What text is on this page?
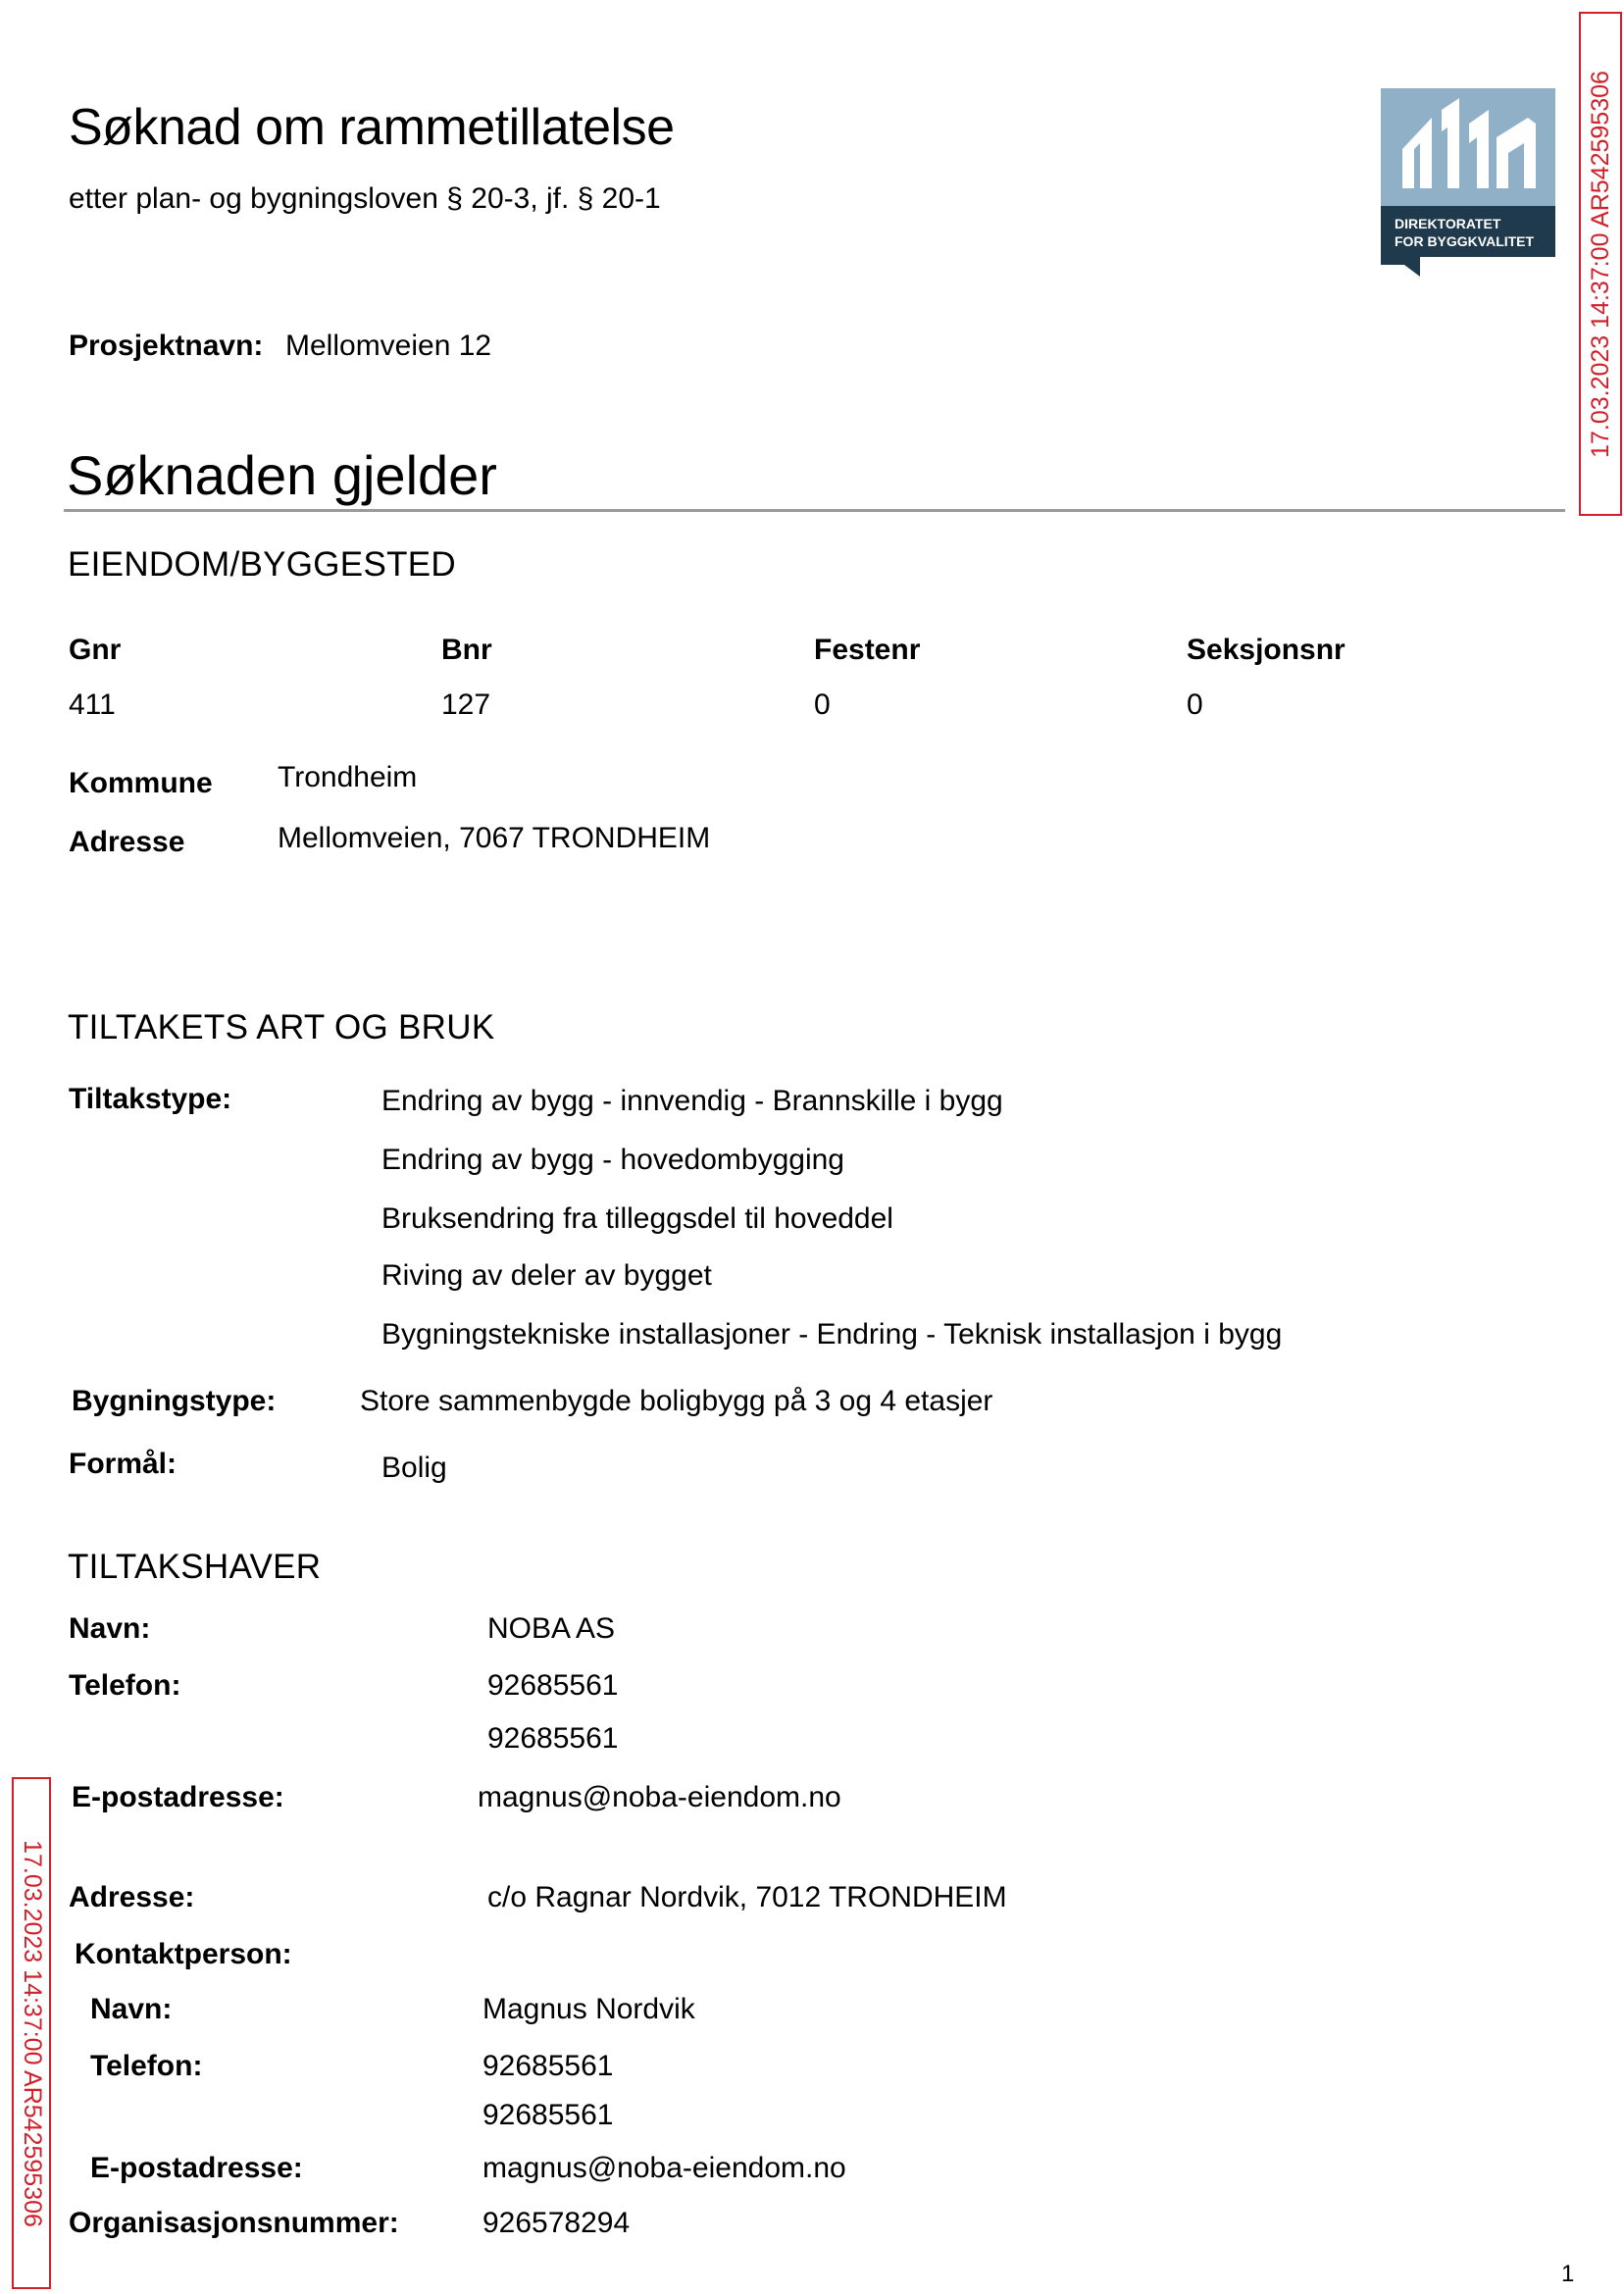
Søknad om rammetillatelse
etter plan- og bygningsloven § 20-3, jf. § 20-1
Prosjektnavn: Mellomveien 12
DIREKTORATET
FOR BYGGKVALITET 17.03.2023 14:37:00 AR542595306
Søknaden gjelder
EIENDOM/BYGGESTED
Gnr	Bnr	Festenr	Seksjonsnr
411	127	0	0
Kommune Trondheim
Adresse	Mellomveien, 7067 TRONDHEIM
TILTAKETS ART OG BRUK
Tiltakstype:	Endring av bygg - innvendig - Brannskille i bygg
Endring av bygg - hovedombygging
Bruksendring fra tilleggsdel til hoveddel
Riving av deler av bygget
Bygningstekniske installasjoner - Endring - Teknisk installasjon i bygg
Bygningstype:	Store sammenbygde boligbygg på 3 og 4 etasjer
Formål:	Bolig
TILTAKSHAVER
Navn:	NOBA AS
Telefon:	92685561
92685561
E-postadresse:	magnus@noba-eiendom.no
Adresse:	c/o Ragnar Nordvik, 7012 TRONDHEIM
Kontaktperson:
Navn:	Magnus Nordvik
Telefon:	92685561
92685561
E-postadresse:	magnus@noba-eiendom.no
Organisasjonsnummer:	926578294
17.03.2023 14:37:00 AR542595306
1
